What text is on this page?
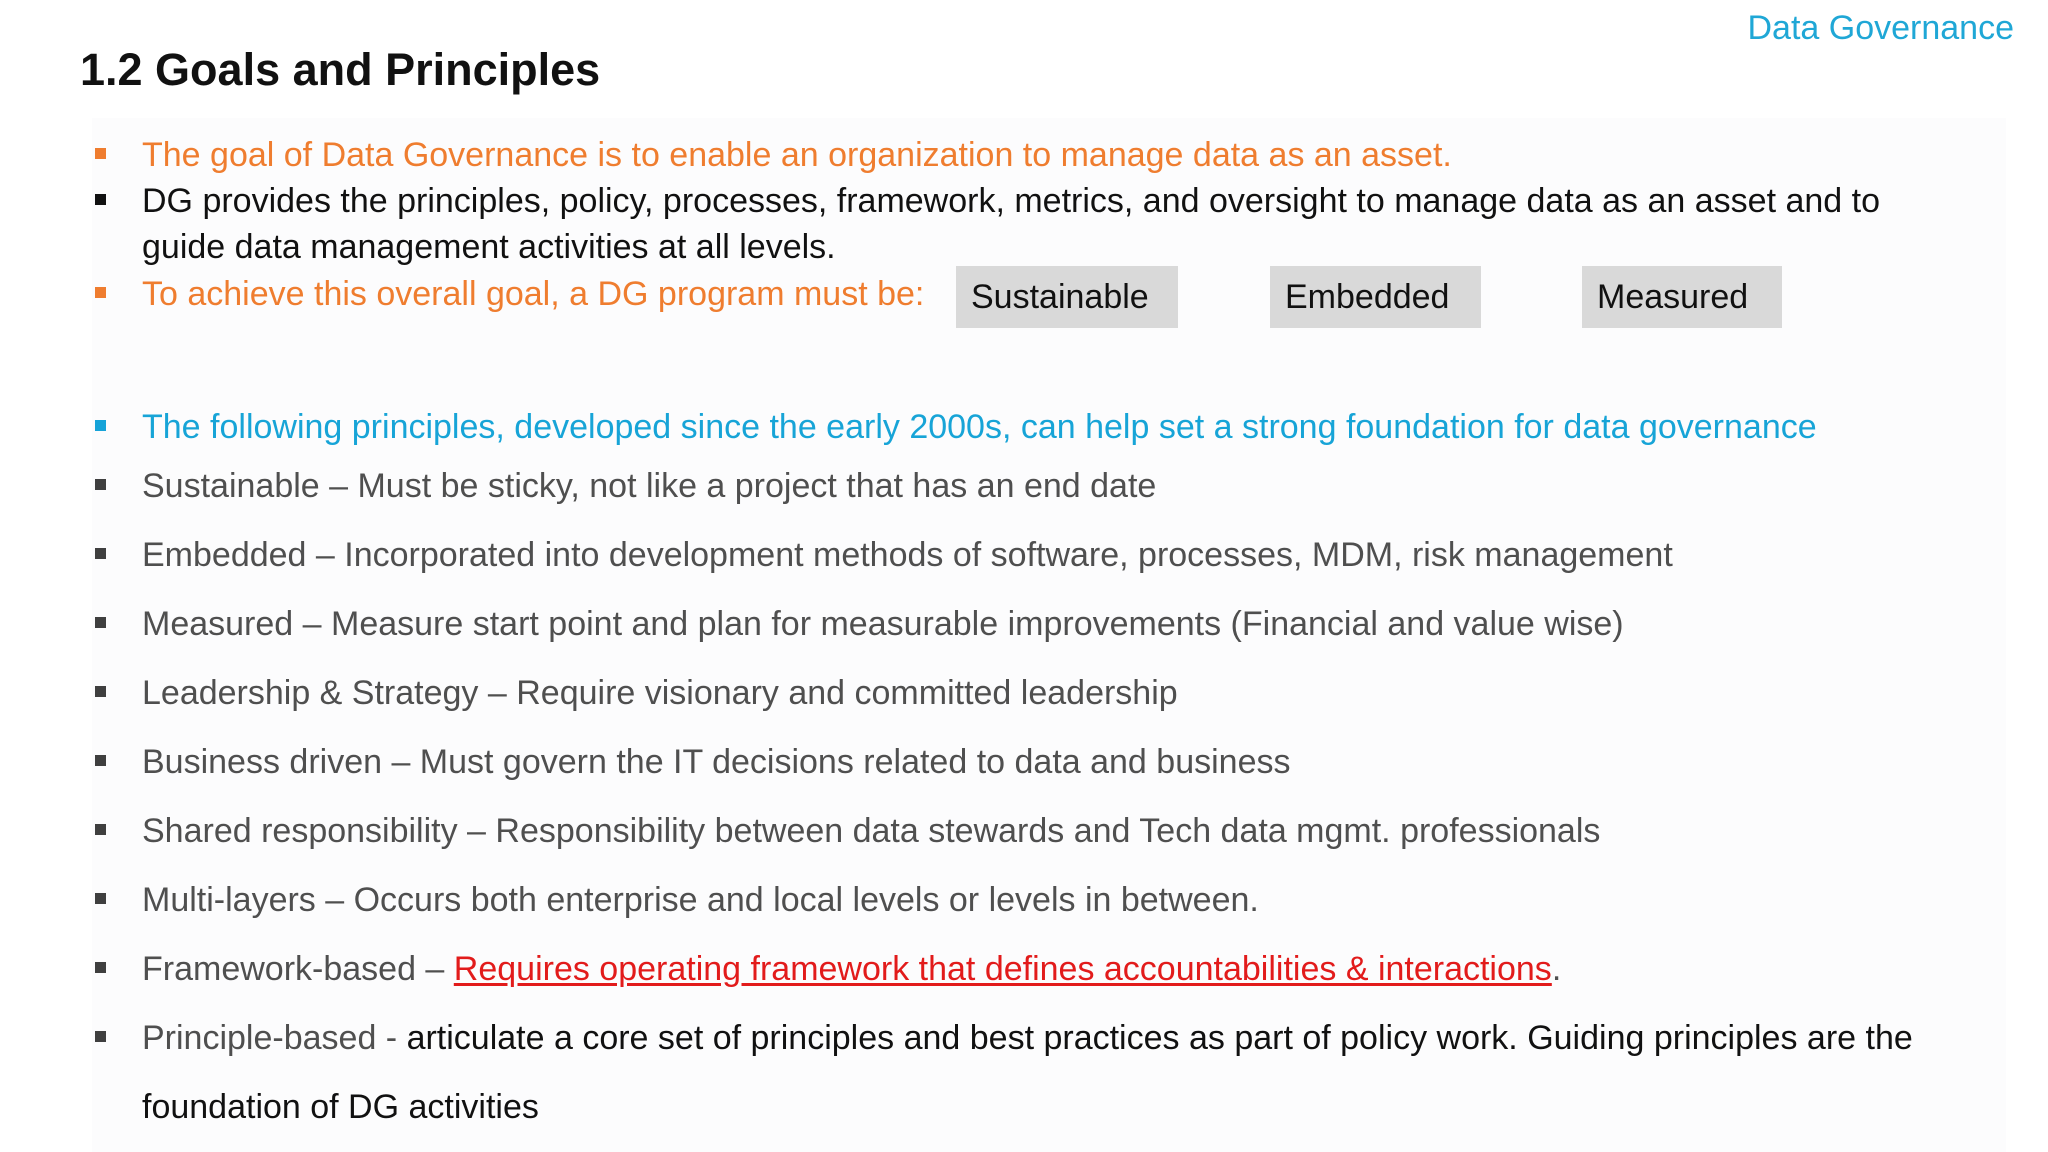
Data Governance
1.2 Goals and Principles
The goal of Data Governance is to enable an organization to manage data as an asset.
DG provides the principles, policy, processes, framework, metrics, and oversight to manage data as an asset and to
guide data management activities at all levels.
To achieve this overall goal, a DG program must be:	Sustainable	Embedded	Measured
The following principles, developed since the early 2000s, can help set a strong foundation for data governance
Sustainable – Must be sticky, not like a project that has an end date
Embedded – Incorporated into development methods of software, processes, MDM, risk management
Measured – Measure start point and plan for measurable improvements (Financial and value wise)
Leadership & Strategy – Require visionary and committed leadership
Business driven – Must govern the IT decisions related to data and business
Shared responsibility – Responsibility between data stewards and Tech data mgmt. professionals
Multi-layers – Occurs both enterprise and local levels or levels in between.
Framework-based – Requires operating framework that defines accountabilities & interactions.
Principle-based - articulate a core set of principles and best practices as part of policy work. Guiding principles are the
foundation of DG activities
